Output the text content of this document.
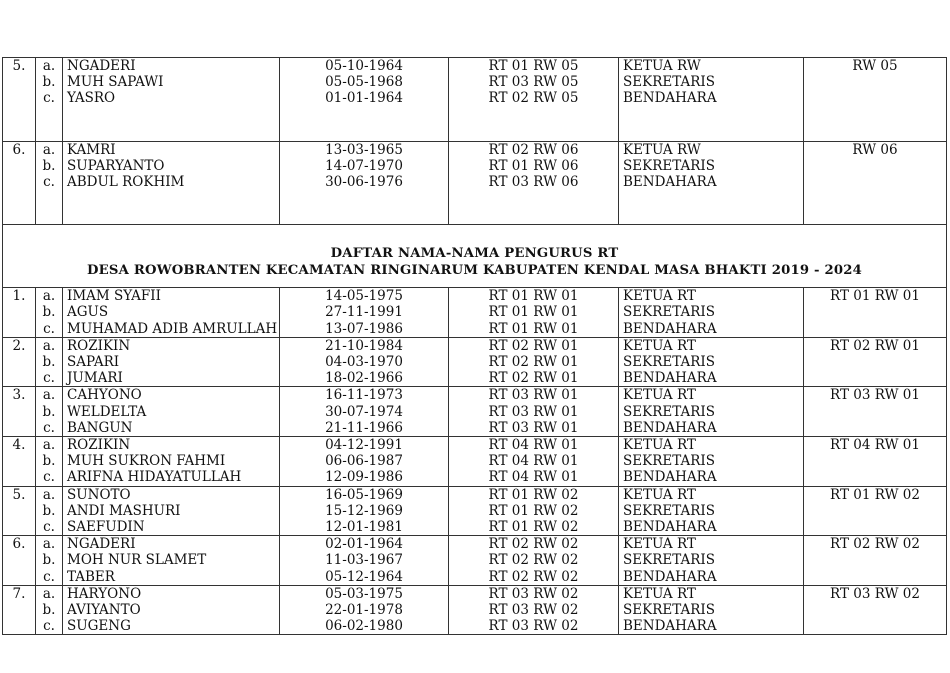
5.	a.	NGADERI	05-10-1964	RT 01 RW 05	KETUA RW	RW 05
	b.	MUH SAPAWI	05-05-1968	RT 03 RW 05	SEKRETARIS	
	c.	YASRO	01-01-1964	RT 02 RW 05	BENDAHARA	

6.	a.	KAMRI	13-03-1965	RT 02 RW 06	KETUA RW	RW 06
	b.	SUPARYANTO	14-07-1970	RT 01 RW 06	SEKRETARIS	
	c.	ABDUL ROKHIM	30-06-1976	RT 03 RW 06	BENDAHARA	

DAFTAR NAMA-NAMA PENGURUS RT
DESA ROWOBRANTEN KECAMATAN RINGINARUM KABUPATEN KENDAL MASA BHAKTI 2019 - 2024						

1.	a.	IMAM SYAFII	14-05-1975	RT 01 RW 01	KETUA RT	RT 01 RW 01
	b.	AGUS	27-11-1991	RT 01 RW 01	SEKRETARIS	
	c.	MUHAMAD ADIB AMRULLAH	13-07-1986	RT 01 RW 01	BENDAHARA	
2.	a.	ROZIKIN	21-10-1984	RT 02 RW 01	KETUA RT	RT 02 RW 01
	b.	SAPARI	04-03-1970	RT 02 RW 01	SEKRETARIS	
	c.	JUMARI	18-02-1966	RT 02 RW 01	BENDAHARA	
3.	a.	CAHYONO	16-11-1973	RT 03 RW 01	KETUA RT	RT 03 RW 01
	b.	WELDELTA	30-07-1974	RT 03 RW 01	SEKRETARIS	
	c.	BANGUN	21-11-1966	RT 03 RW 01	BENDAHARA	
4.	a.	ROZIKIN	04-12-1991	RT 04 RW 01	KETUA RT	RT 04 RW 01
	b.	MUH SUKRON FAHMI	06-06-1987	RT 04 RW 01	SEKRETARIS	
	c.	ARIFNA HIDAYATULLAH	12-09-1986	RT 04 RW 01	BENDAHARA	
5.	a.	SUNOTO	16-05-1969	RT 01 RW 02	KETUA RT	RT 01 RW 02
	b.	ANDI MASHURI	15-12-1969	RT 01 RW 02	SEKRETARIS	
	c.	SAEFUDIN	12-01-1981	RT 01 RW 02	BENDAHARA	
6.	a.	NGADERI	02-01-1964	RT 02 RW 02	KETUA RT	RT 02 RW 02
	b.	MOH NUR SLAMET	11-03-1967	RT 02 RW 02	SEKRETARIS	
	c.	TABER	05-12-1964	RT 02 RW 02	BENDAHARA	
7.	a.	HARYONO	05-03-1975	RT 03 RW 02	KETUA RT	RT 03 RW 02
	b.	AVIYANTO	22-01-1978	RT 03 RW 02	SEKRETARIS	
	c.	SUGENG	06-02-1980	RT 03 RW 02	BENDAHARA	
